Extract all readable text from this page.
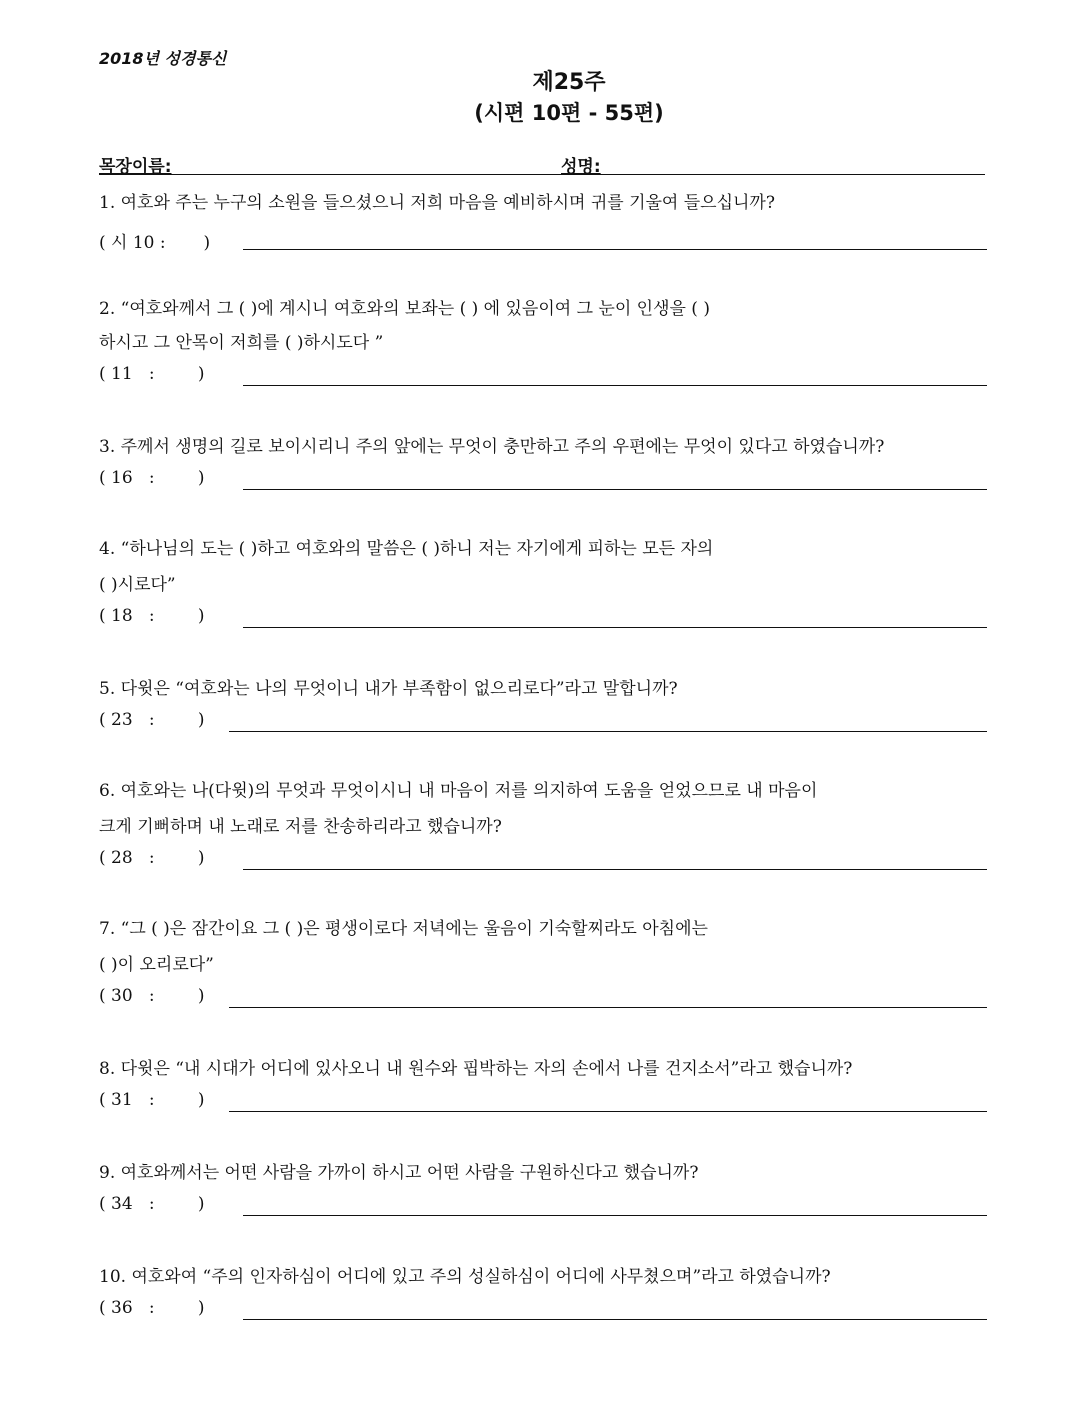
2018년 성경통신
제25주
(시편 10편 - 55편)
목장이름:	성명:
1. 여호와 주는 누구의 소원을 들으셨으니 저희 마음을 예비하시며 귀를 기울여 들으십니까?
( 시 10 :       )
2. “여호와께서 그 ( )에 계시니 여호와의 보좌는 ( ) 에 있음이여 그 눈이 인생을 ( )
하시고 그 안목이 저희를 ( )하시도다 ”
( 11   :        )
3. 주께서 생명의 길로 보이시리니 주의 앞에는 무엇이 충만하고 주의 우편에는 무엇이 있다고 하였습니까?
( 16   :        )
4. “하나님의 도는 ( )하고 여호와의 말씀은 ( )하니 저는 자기에게 피하는 모든 자의
( )시로다”
( 18   :        )
5. 다윗은 “여호와는 나의 무엇이니 내가 부족함이 없으리로다”라고 말합니까?
( 23   :        )
6. 여호와는 나(다윗)의 무엇과 무엇이시니 내 마음이 저를 의지하여 도움을 얻었으므로 내 마음이
크게 기뻐하며 내 노래로 저를 찬송하리라고 했습니까?
( 28   :        )
7. “그 ( )은 잠간이요 그 ( )은 평생이로다 저녁에는 울음이 기숙할찌라도 아침에는
( )이 오리로다”
( 30   :        )
8. 다윗은 “내 시대가 어디에 있사오니 내 원수와 핍박하는 자의 손에서 나를 건지소서”라고 했습니까?
( 31   :        )
9. 여호와께서는 어떤 사람을 가까이 하시고 어떤 사람을 구원하신다고 했습니까?
( 34   :        )
10. 여호와여 “주의 인자하심이 어디에 있고 주의 성실하심이 어디에 사무쳤으며”라고 하였습니까?
( 36   :        )
